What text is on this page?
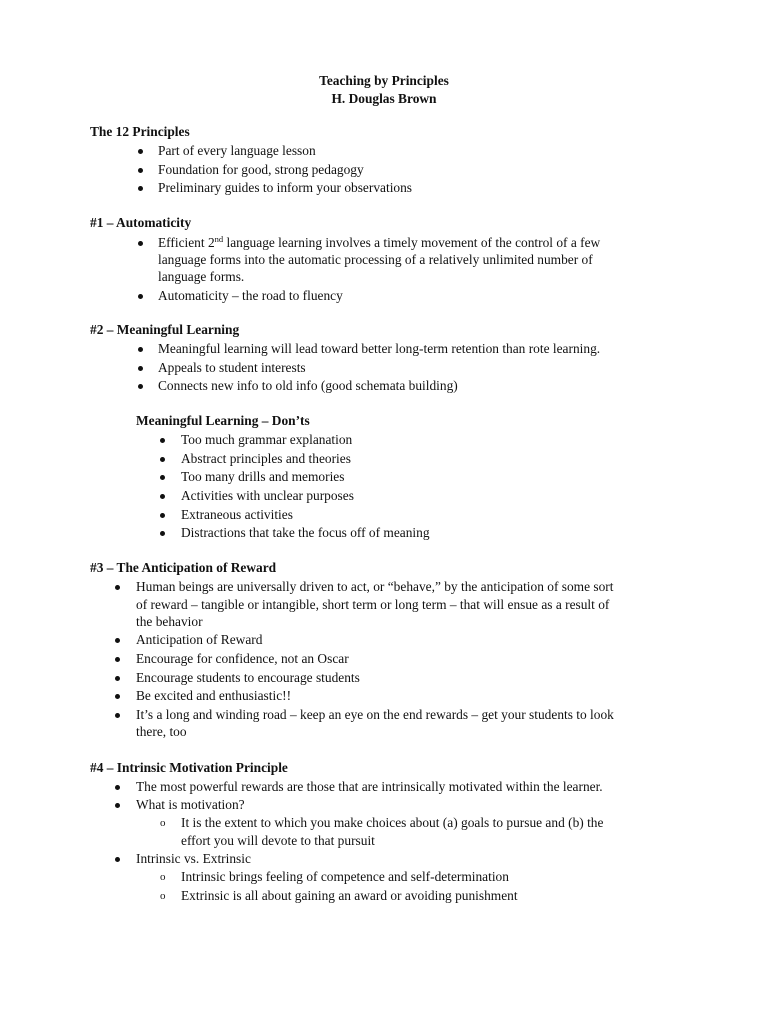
Teaching by Principles

H. Douglas Brown

The 12 Principles

Part of every language lesson

Foundation for good, strong pedagogy

Preliminary guides to inform your observations

#1 – Automaticity

Efficient 2nd language learning involves a timely movement of the control of a few

language forms into the automatic processing of a relatively unlimited number of

language forms.

Automaticity – the road to fluency

#2 – Meaningful Learning

Meaningful learning will lead toward better long-term retention than rote learning.

Appeals to student interests

Connects new info to old info (good schemata building)

Meaningful Learning – Don’ts

Too much grammar explanation

Abstract principles and theories

Too many drills and memories

Activities with unclear purposes

Extraneous activities

Distractions that take the focus off of meaning

#3 – The Anticipation of Reward

Human beings are universally driven to act, or “behave,” by the anticipation of some sort

of reward – tangible or intangible, short term or long term – that will ensue as a result of

the behavior

Anticipation of Reward

Encourage for confidence, not an Oscar

Encourage students to encourage students

Be excited and enthusiastic!!

It’s a long and winding road – keep an eye on the end rewards – get your students to look

there, too

#4 – Intrinsic Motivation Principle

The most powerful rewards are those that are intrinsically motivated within the learner.

What is motivation?

o It is the extent to which you make choices about (a) goals to pursue and (b) the

effort you will devote to that pursuit

Intrinsic vs. Extrinsic

o Intrinsic brings feeling of competence and self-determination

o Extrinsic is all about gaining an award or avoiding punishment
